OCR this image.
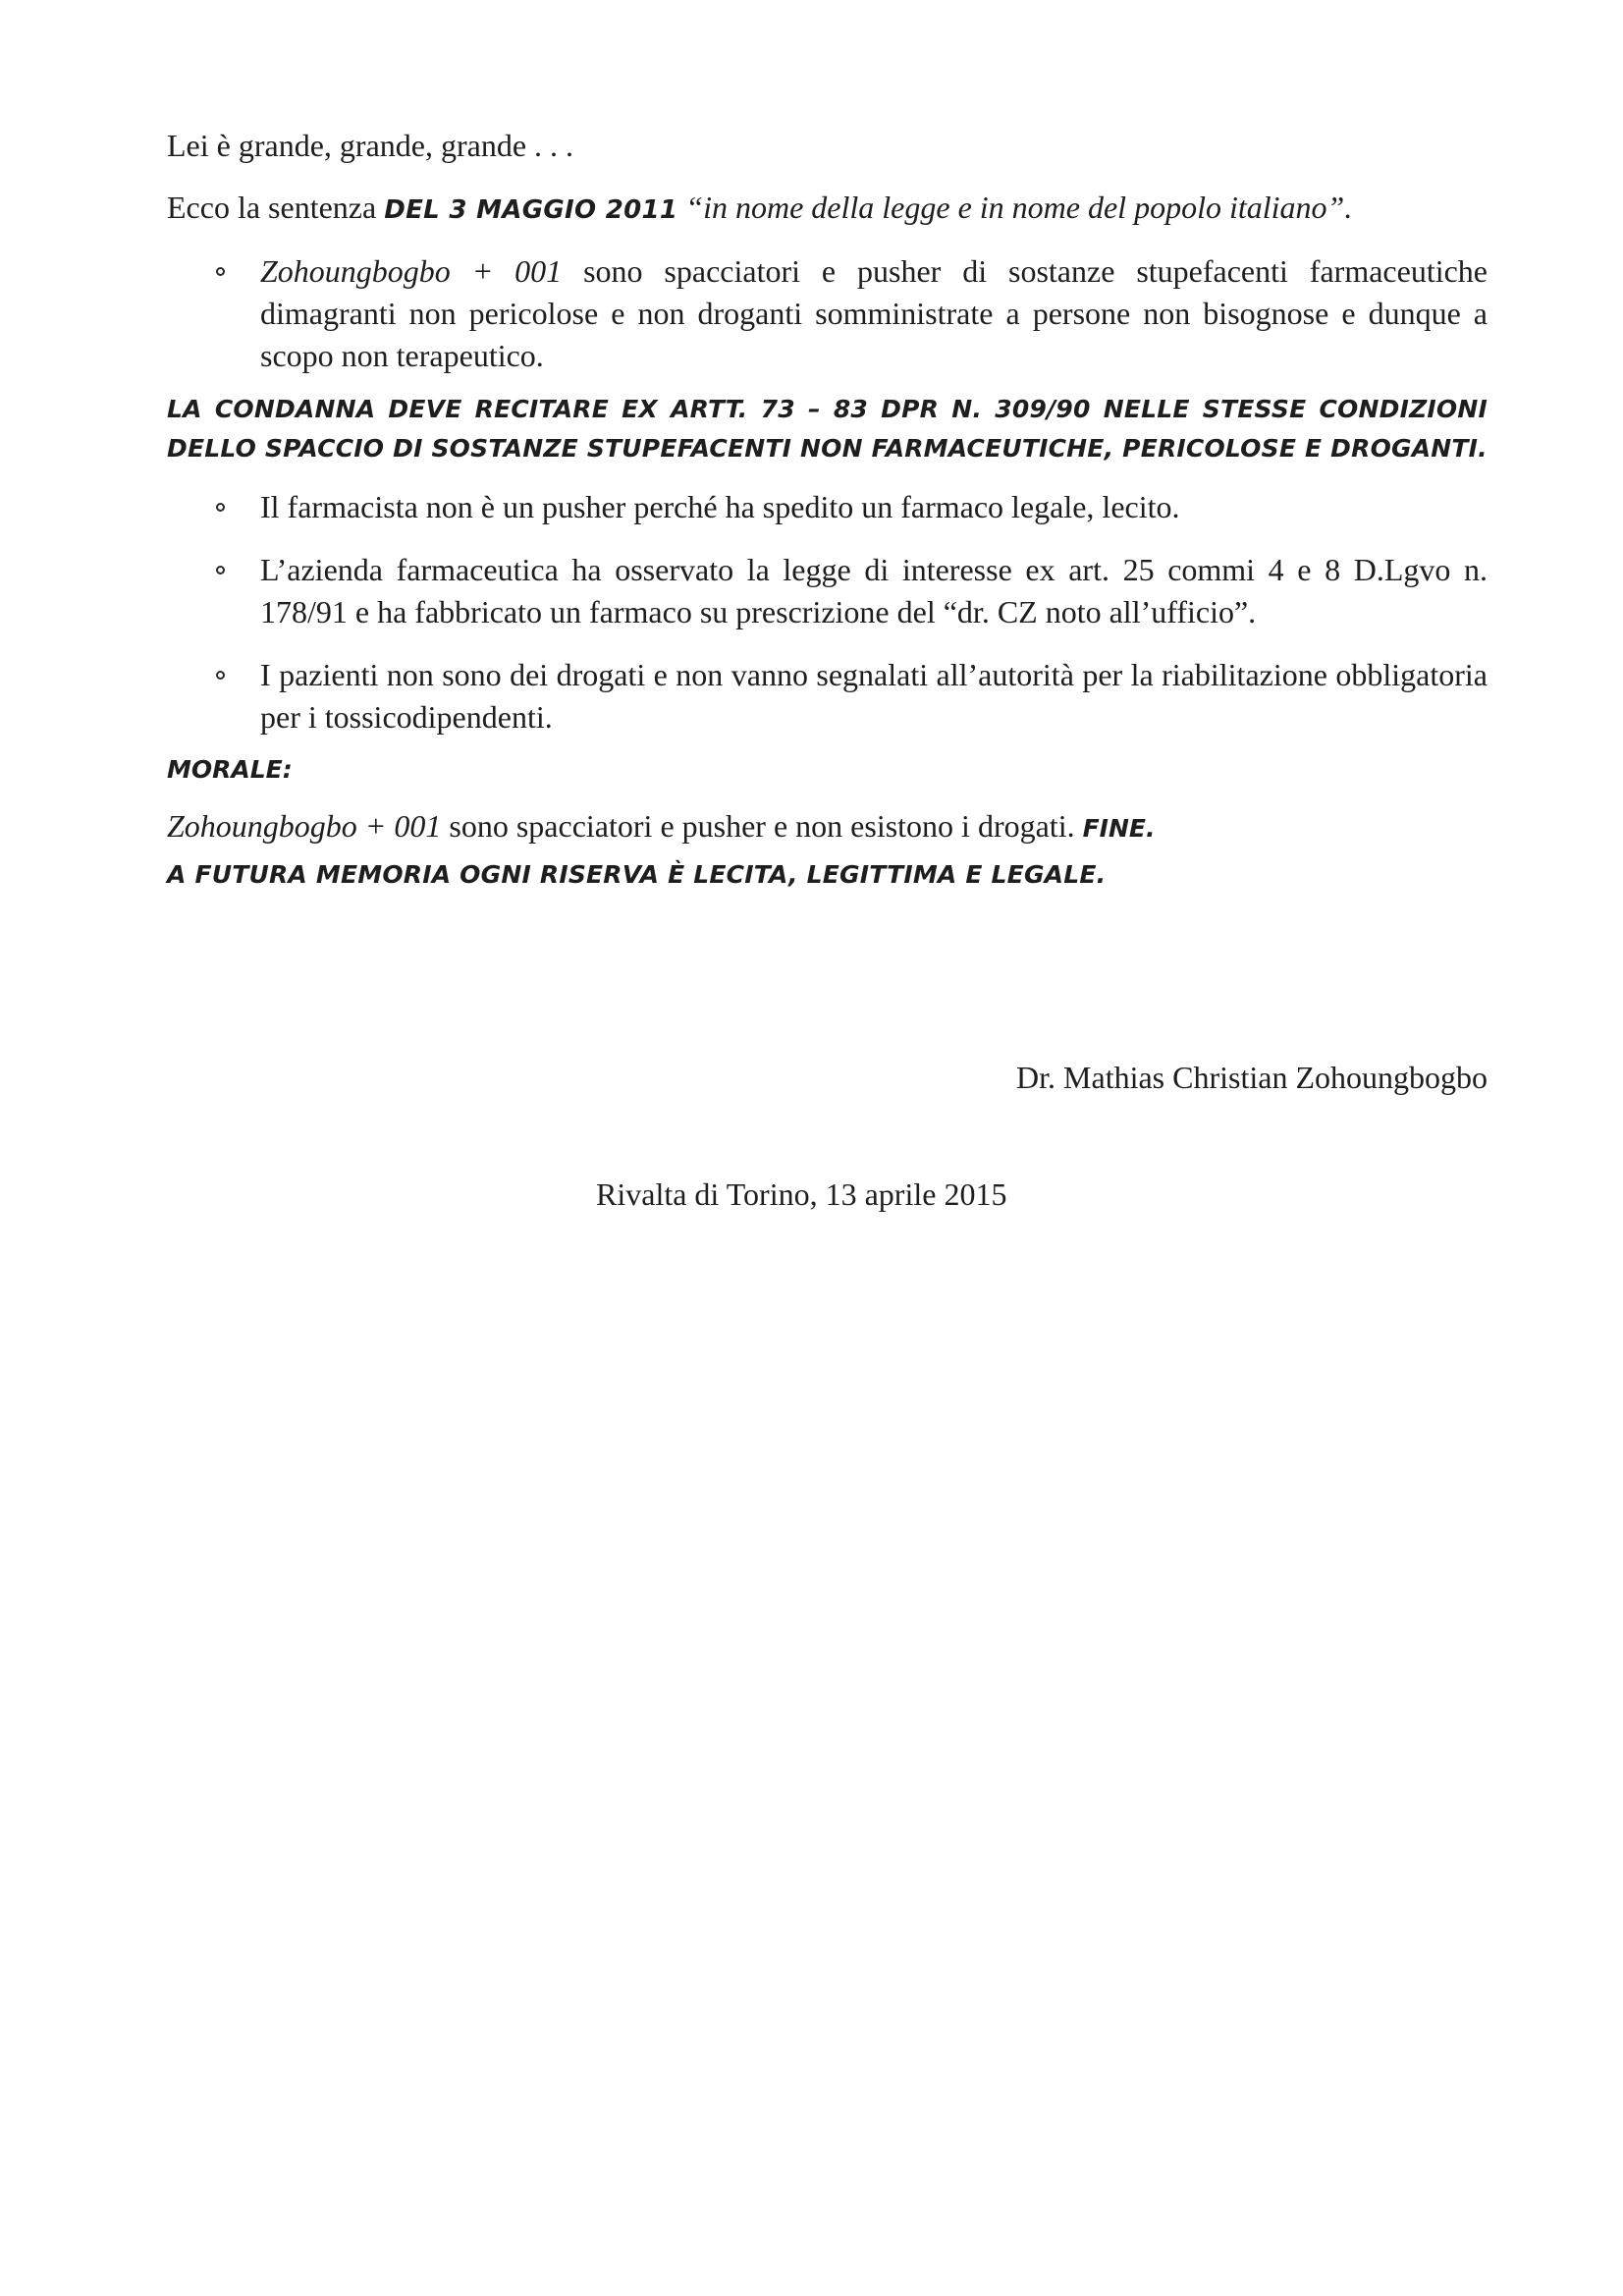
Lei è grande, grande, grande . . .

Ecco la sentenza DEL 3 MAGGIO 2011 “in nome della legge e in nome del popolo italiano”.

Zohoungbogbo + 001 sono spacciatori e pusher di sostanze stupefacenti farmaceutiche dimagranti non pericolose e non droganti somministrate a persone non bisognose e dunque a scopo non terapeutico.

LA CONDANNA DEVE RECITARE EX ARTT. 73 – 83 DPR N. 309/90 NELLE STESSE CONDIZIONI DELLO SPACCIO DI SOSTANZE STUPEFACENTI NON FARMACEUTICHE, PERICOLOSE E DROGANTI.

Il farmacista non è un pusher perché ha spedito un farmaco legale, lecito.
L’azienda farmaceutica ha osservato la legge di interesse ex art. 25 commi 4 e 8 D.Lgvo n. 178/91 e ha fabbricato un farmaco su prescrizione del “dr. CZ noto all’ufficio”.
I pazienti non sono dei drogati e non vanno segnalati all’autorità per la riabilitazione obbligatoria per i tossicodipendenti.

MORALE:

Zohoungbogbo + 001 sono spacciatori e pusher e non esistono i drogati. FINE.

A FUTURA MEMORIA OGNI RISERVA È LECITA, LEGITTIMA E LEGALE.

Dr. Mathias Christian Zohoungbogbo

Rivalta di Torino, 13 aprile 2015
